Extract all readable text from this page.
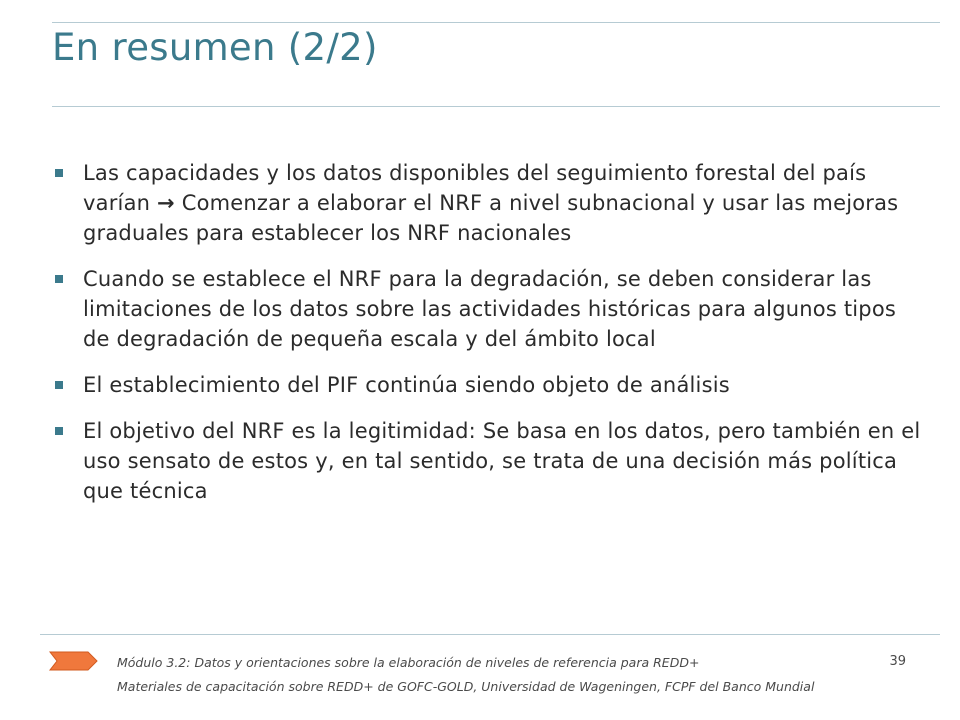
En resumen (2/2)
Las capacidades y los datos disponibles del seguimiento forestal del país varían → Comenzar a elaborar el NRF a nivel subnacional y usar las mejoras graduales para establecer los NRF nacionales
Cuando se establece el NRF para la degradación, se deben considerar las limitaciones de los datos sobre las actividades históricas para algunos tipos de degradación de pequeña escala y del ámbito local
El establecimiento del PIF continúa siendo objeto de análisis
El objetivo del NRF es la legitimidad: Se basa en los datos, pero también en el uso sensato de estos y, en tal sentido, se trata de una decisión más política que técnica
Módulo 3.2: Datos y orientaciones sobre la elaboración de niveles de referencia para REDD+
Materiales de capacitación sobre REDD+ de GOFC-GOLD, Universidad de Wageningen, FCPF del Banco Mundial
39
